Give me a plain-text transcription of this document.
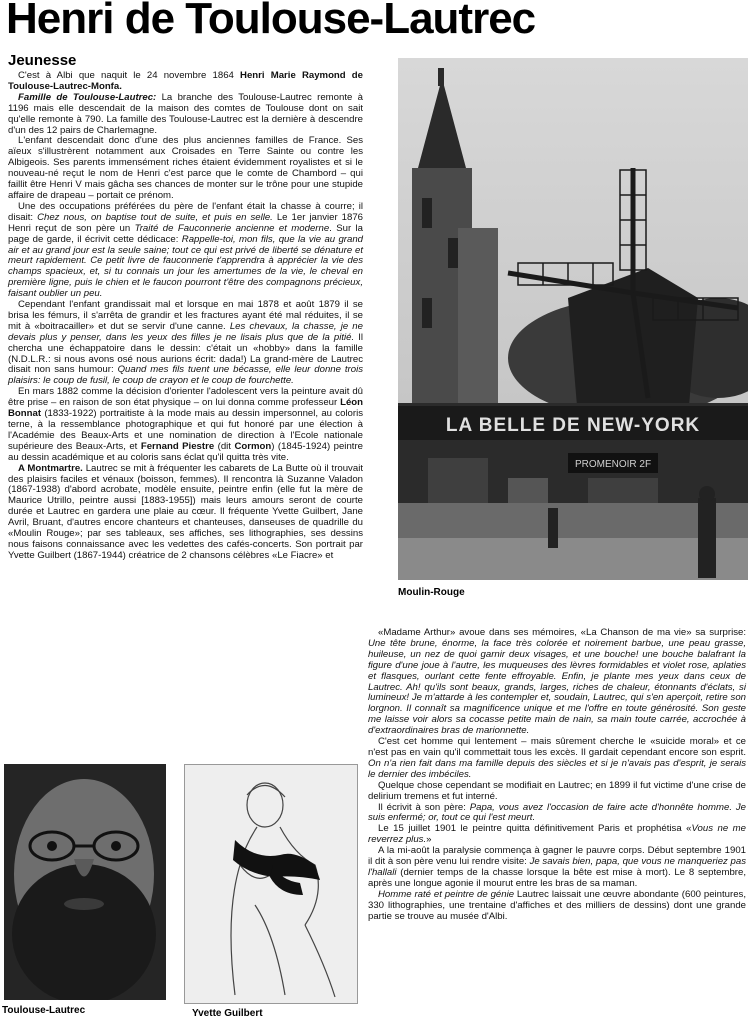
Henri de Toulouse-Lautrec
Jeunesse

C'est à Albi que naquit le 24 novembre 1864 Henri Marie Raymond de Toulouse-Lautrec-Monfa.

Famille de Toulouse-Lautrec: La branche des Toulouse-Lautrec remonte à 1196 mais elle descendait de la maison des comtes de Toulouse dont on sait qu'elle remonte à 790. La famille des Toulouse-Lautrec est la dernière à descendre d'un des 12 pairs de Charlemagne.

L'enfant descendait donc d'une des plus anciennes familles de France. Ses aïeux s'illustrèrent notamment aux Croisades en Terre Sainte ou contre les Albigeois. Ses parents immensément riches étaient évidemment royalistes et si le nouveau-né reçut le nom de Henri c'est parce que le comte de Chambord – qui faillit être Henri V mais gâcha ses chances de monter sur le trône pour une stupide affaire de drapeau – portait ce prénom.

Une des occupations préférées du père de l'enfant était la chasse à courre; il disait: Chez nous, on baptise tout de suite, et puis en selle. Le 1er janvier 1876 Henri reçut de son père un Traité de Fauconnerie ancienne et moderne. Sur la page de garde, il écrivit cette dédicace: Rappelle-toi, mon fils, que la vie au grand air et au grand jour est la seule saine; tout ce qui est privé de liberté se dénature et meurt rapidement. Ce petit livre de fauconnerie t'apprendra à apprécier la vie des champs spacieux, et, si tu connais un jour les amertumes de la vie, le cheval en première ligne, puis le chien et le faucon pourront t'être des compagnons précieux, faisant oublier un peu.

Cependant l'enfant grandissait mal et lorsque en mai 1878 et août 1879 il se brisa les fémurs, il s'arrêta de grandir et les fractures ayant été mal réduites, il se mit à «boitracailler» et dut se servir d'une canne. Les chevaux, la chasse, je ne devais plus y penser, dans les yeux des filles je ne lisais plus que de la pitié. Il chercha une échappatoire dans le dessin: c'était un «hobby» dans la famille (N.D.L.R.: si nous avons osé nous aurions écrit: dada!) La grand-mère de Lautrec disait non sans humour: Quand mes fils tuent une bécasse, elle leur donne trois plaisirs: le coup de fusil, le coup de crayon et le coup de fourchette.

En mars 1882 comme la décision d'orienter l'adolescent vers la peinture avait dû être prise – en raison de son état physique – on lui donna comme professeur Léon Bonnat (1833-1922) portraitiste à la mode mais au dessin impersonnel, au coloris terne, à la ressemblance photographique et qui fut honoré par une élection à l'Académie des Beaux-Arts et une nomination de direction à l'Ecole nationale supérieure des Beaux-Arts, et Fernand Piestre (dit Cormon) (1845-1924) peintre au dessin académique et au coloris sans éclat qu'il quitta très vite.

A Montmartre. Lautrec se mit à fréquenter les cabarets de La Butte où il trouvait des plaisirs faciles et vénaux (boisson, femmes). Il rencontra là Suzanne Valadon (1867-1938) d'abord acrobate, modèle ensuite, peintre enfin (elle fut la mère de Maurice Utrillo, peintre aussi [1883-1955]) mais leurs amours seront de courte durée et Lautrec en gardera une plaie au cœur. Il fréquente Yvette Guilbert, Jane Avril, Bruant, d'autres encore chanteurs et chanteuses, danseuses de quadrille du «Moulin Rouge»; par ses tableaux, ses affiches, ses lithographies, ses dessins nous faisons connaissance avec les vedettes des cafés-concerts. Son portrait par Yvette Guilbert (1867-1944) créatrice de 2 chansons célèbres «Le Fiacre» et

LA BELLE DE NEW-YORK
PROMENOIR 2F
Moulin-Rouge

«Madame Arthur» avoue dans ses mémoires, «La Chanson de ma vie» sa surprise: Une tête brune, énorme, la face très colorée et noirement barbue, une peau grasse, huileuse, un nez de quoi garnir deux visages, et une bouche! une bouche balafrant la figure d'une joue à l'autre, les muqueuses des lèvres formidables et violet rose, aplaties et flasques, ourlant cette fente effroyable. Enfin, je plante mes yeux dans ceux de Lautrec. Ah! qu'ils sont beaux, grands, larges, riches de chaleur, étonnants d'éclats, si lumineux! Je m'attarde à les contempler et, soudain, Lautrec, qui s'en aperçoit, retire son lorgnon. Il connaît sa magnificence unique et me l'offre en toute générosité. Son geste me laisse voir alors sa cocasse petite main de nain, sa main toute carrée, accrochée à d'extraordinaires bras de marionnette.

C'est cet homme qui lentement – mais sûrement cherche le «suicide moral» et ce n'est pas en vain qu'il commettait tous les excès. Il gardait cependant encore son esprit. On n'a rien fait dans ma famille depuis des siècles et si je n'avais pas d'esprit, je serais le dernier des imbéciles.

Quelque chose cependant se modifiait en Lautrec; en 1899 il fut victime d'une crise de delirium tremens et fut interné.

Il écrivit à son père: Papa, vous avez l'occasion de faire acte d'honnête homme. Je suis enfermé; or, tout ce qui l'est meurt.

Le 15 juillet 1901 le peintre quitta définitivement Paris et prophétisa «Vous ne me reverrez plus.»

A la mi-août la paralysie commença à gagner le pauvre corps. Début septembre 1901 il dit à son père venu lui rendre visite: Je savais bien, papa, que vous ne manqueriez pas l'hallali (dernier temps de la chasse lorsque la bête est mise à mort). Le 8 septembre, après une longue agonie il mourut entre les bras de sa maman.

Homme raté et peintre de génie Lautrec laissait une œuvre abondante (600 peintures, 330 lithographies, une trentaine d'affiches et des milliers de dessins) dont une grande partie se trouve au musée d'Albi.

Toulouse-Lautrec	Yvette Guilbert
